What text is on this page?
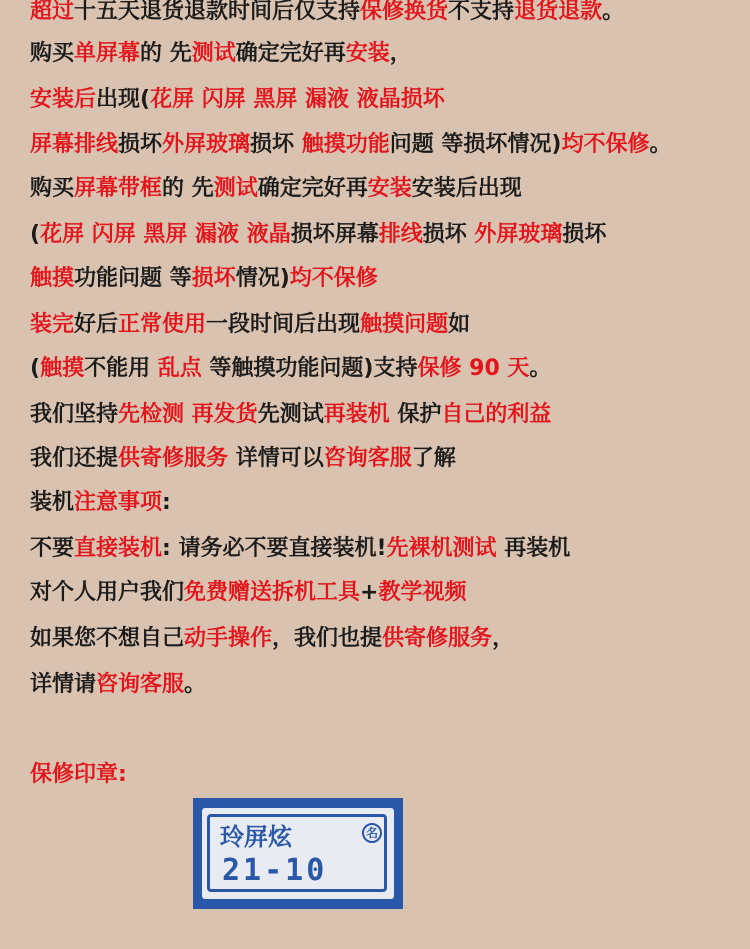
超过十五天退货退款时间后仅支持保修换货不支持退货退款。
购买单屏幕的 先测试确定完好再安装，
安装后出现(花屏 闪屏 黑屏 漏液 液晶损坏
屏幕排线损坏外屏玻璃损坏 触摸功能问题 等损坏情况)均不保修。
购买屏幕带框的 先测试确定完好再安装安装后出现
(花屏 闪屏 黑屏 漏液 液晶损坏屏幕排线损坏 外屏玻璃损坏
触摸功能问题 等损坏情况)均不保修
装完好后正常使用一段时间后出现触摸问题如
(触摸不能用 乱点 等触摸功能问题)支持保修 90 天。
我们坚持先检测 再发货先测试再装机 保护自己的利益
我们还提供寄修服务 详情可以咨询客服了解
装机注意事项:
不要直接装机: 请务必不要直接装机!先裸机测试 再装机
对个人用户我们免费赠送拆机工具+教学视频
如果您不想自己动手操作，我们也提供寄修服务，
详情请咨询客服。
保修印章:
玲屏炫	名
21-10
